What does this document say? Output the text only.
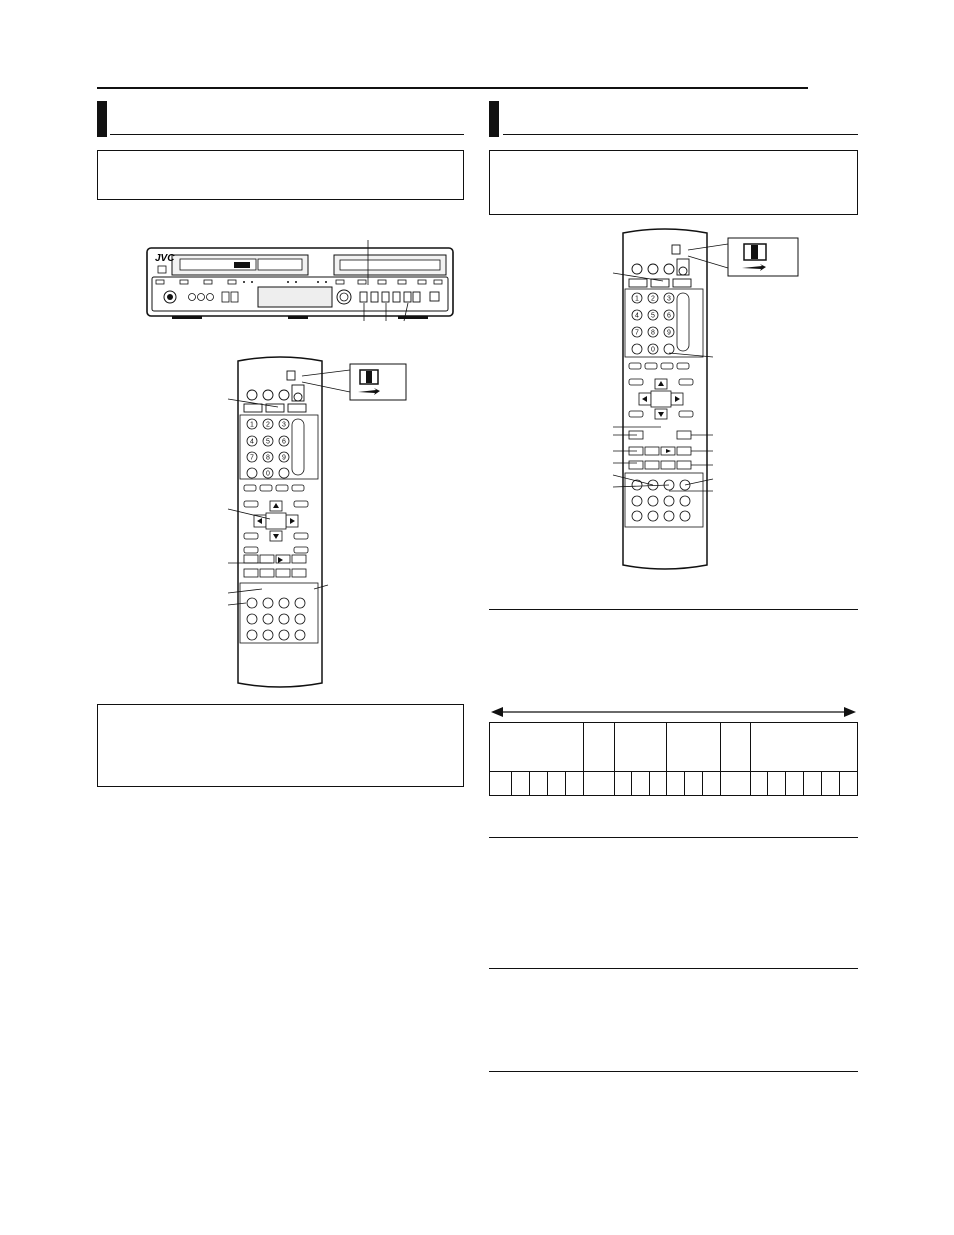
JVC
1 2 3
4 5 6
7 8 9
0
1 2 3
4 5 6
7 8 9
0
